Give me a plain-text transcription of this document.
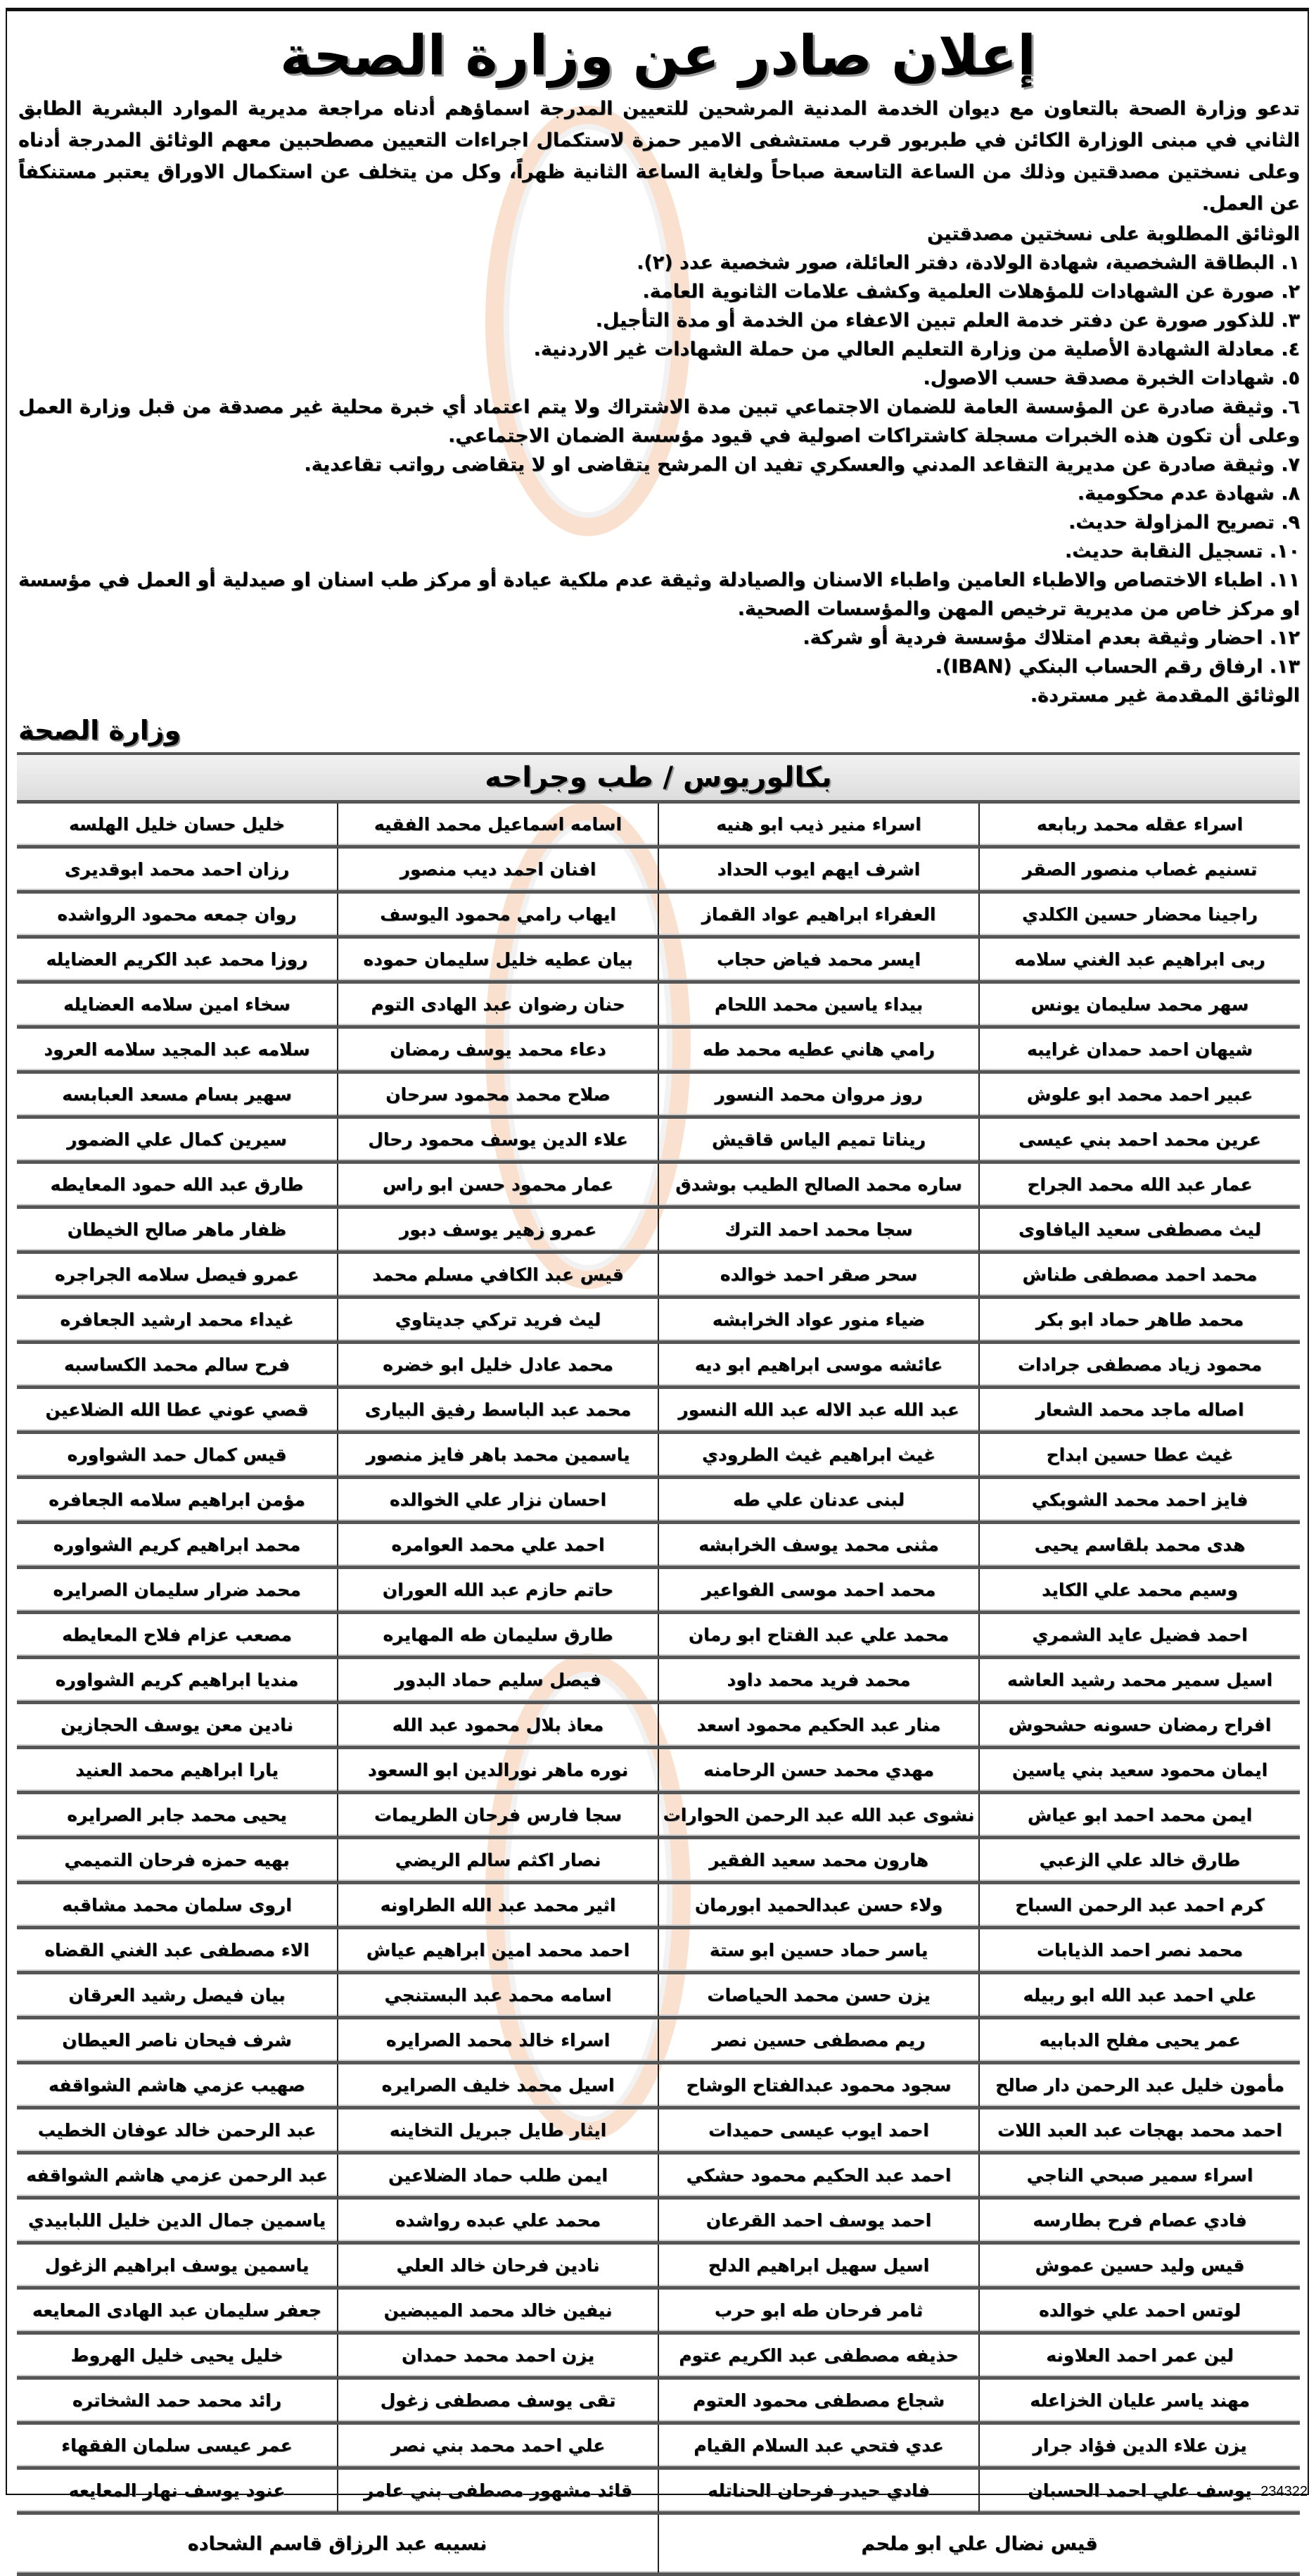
إعلان صادر عن وزارة الصحة

تدعو وزارة الصحة بالتعاون مع ديوان الخدمة المدنية المرشحين للتعيين المدرجة اسماؤهم أدناه مراجعة مديرية الموارد البشرية الطابق الثاني في مبنى الوزارة الكائن في طبربور قرب مستشفى الامير حمزة لاستكمال اجراءات التعيين مصطحبين معهم الوثائق المدرجة أدناه وعلى نسختين مصدقتين وذلك من الساعة التاسعة صباحاً ولغاية الساعة الثانية ظهراً، وكل من يتخلف عن استكمال الاوراق يعتبر مستنكفاً عن العمل.

الوثائق المطلوبة على نسختين مصدقتين
١. البطاقة الشخصية، شهادة الولادة، دفتر العائلة، صور شخصية عدد (٢).
٢. صورة عن الشهادات للمؤهلات العلمية وكشف علامات الثانوية العامة.
٣. للذكور صورة عن دفتر خدمة العلم تبين الاعفاء من الخدمة أو مدة التأجيل.
٤. معادلة الشهادة الأصلية من وزارة التعليم العالي من حملة الشهادات غير الاردنية.
٥. شهادات الخبرة مصدقة حسب الاصول.
٦. وثيقة صادرة عن المؤسسة العامة للضمان الاجتماعي تبين مدة الاشتراك ولا يتم اعتماد أي خبرة محلية غير مصدقة من قبل وزارة العمل وعلى أن تكون هذه الخبرات مسجلة كاشتراكات اصولية في قيود مؤسسة الضمان الاجتماعي.
٧. وثيقة صادرة عن مديرية التقاعد المدني والعسكري تفيد ان المرشح يتقاضى او لا يتقاضى رواتب تقاعدية.
٨. شهادة عدم محكومية.
٩. تصريح المزاولة حديث.
١٠. تسجيل النقابة حديث.
١١. اطباء الاختصاص والاطباء العامين واطباء الاسنان والصيادلة وثيقة عدم ملكية عيادة أو مركز طب اسنان او صيدلية أو العمل في مؤسسة او مركز خاص من مديرية ترخيص المهن والمؤسسات الصحية.
١٢. احضار وثيقة بعدم امتلاك مؤسسة فردية أو شركة.
١٣. ارفاق رقم الحساب البنكي (IBAN).
الوثائق المقدمة غير مستردة.
وزارة الصحة
بكالوريوس / طب وجراحه			
اسراء عقله محمد ربابعه	اسراء منير ذيب ابو هنيه	اسامه اسماعيل محمد الفقيه	خليل حسان خليل الهلسه
تسنيم غصاب منصور الصقر	اشرف ايهم ايوب الحداد	افنان احمد ديب منصور	رزان احمد محمد ابوقديرى
راجينا محضار حسين الكلدي	العفراء ابراهيم عواد القماز	ايهاب رامي محمود اليوسف	روان جمعه محمود الرواشده
ربى ابراهيم عبد الغني سلامه	ايسر محمد فياض حجاب	بيان عطيه خليل سليمان حموده	روزا محمد عبد الكريم العضايله
سهر محمد سليمان يونس	بيداء ياسين محمد اللحام	حنان رضوان عبد الهادى التوم	سخاء امين سلامه العضايله
شيهان احمد حمدان غرايبه	رامي هاني عطيه محمد طه	دعاء محمد يوسف رمضان	سلامه عبد المجيد سلامه العرود
عبير احمد محمد ابو علوش	روز مروان محمد النسور	صلاح محمد محمود سرحان	سهير بسام مسعد العبابسه
عرين محمد احمد بني عيسى	ريناتا تميم الياس قاقيش	علاء الدين يوسف محمود رحال	سيرين كمال علي الضمور
عمار عبد الله محمد الجراح	ساره محمد الصالح الطيب بوشدق	عمار محمود حسن ابو راس	طارق عبد الله حمود المعايطه
ليث مصطفى سعيد اليافاوى	سجا محمد احمد الترك	عمرو زهير يوسف دبور	ظفار ماهر صالح الخيطان
محمد احمد مصطفى طناش	سحر صقر احمد خوالده	قيس عبد الكافي مسلم محمد	عمرو فيصل سلامه الجراجره
محمد طاهر حماد ابو بكر	ضياء منور عواد الخرابشه	ليث فريد تركي جديتاوي	غيداء محمد ارشيد الجعافره
محمود زياد مصطفى جرادات	عائشه موسى ابراهيم ابو ديه	محمد عادل خليل ابو خضره	فرح سالم محمد الكساسبه
اصاله ماجد محمد الشعار	عبد الله عبد الاله عبد الله النسور	محمد عبد الباسط رفيق البيارى	قصي عوني عطا الله الضلاعين
غيث عطا حسين ابداح	غيث ابراهيم غيث الطرودي	ياسمين محمد باهر فايز منصور	قيس كمال حمد الشواوره
فايز احمد محمد الشوبكي	لبنى عدنان علي طه	احسان نزار علي الخوالده	مؤمن ابراهيم سلامه الجعافره
هدى محمد بلقاسم يحيى	مثنى محمد يوسف الخرابشه	احمد علي محمد العوامره	محمد ابراهيم كريم الشواوره
وسيم محمد علي الكايد	محمد احمد موسى الفواعير	حاتم حازم عبد الله العوران	محمد ضرار سليمان الصرايره
احمد فضيل عايد الشمري	محمد علي عبد الفتاح ابو رمان	طارق سليمان طه المهايره	مصعب عزام فلاح المعايطه
اسيل سمير محمد رشيد العاشه	محمد فريد محمد داود	فيصل سليم حماد البدور	منديا ابراهيم كريم الشواوره
افراح رمضان حسونه حشحوش	منار عبد الحكيم محمود اسعد	معاذ بلال محمود عبد الله	نادين معن يوسف الحجازين
ايمان محمود سعيد بني ياسين	مهدي محمد حسن الرحامنه	نوره ماهر نورالدين ابو السعود	يارا ابراهيم محمد العنيد
ايمن محمد احمد ابو عياش	نشوى عبد الله عبد الرحمن الحوارات	سجا فارس فرحان الطريمات	يحيى محمد جابر الصرايره
طارق خالد علي الزعبي	هارون محمد سعيد الفقير	نصار اكثم سالم الريضي	بهيه حمزه فرحان التميمي
كرم احمد عبد الرحمن السباح	ولاء حسن عبدالحميد ابورمان	اثير محمد عبد الله الطراونه	اروى سلمان محمد مشاقبه
محمد نصر احمد الذيابات	ياسر حماد حسين ابو ستة	احمد محمد امين ابراهيم عياش	الاء مصطفى عبد الغني القضاه
علي احمد عبد الله ابو ربيله	يزن حسن محمد الحياصات	اسامه محمد عبد البستنجي	بيان فيصل رشيد العرقان
عمر يحيى مفلح الدبابيه	ريم مصطفى حسين نصر	اسراء خالد محمد الصرايره	شرف فيحان ناصر العيطان
مأمون خليل عبد الرحمن دار صالح	سجود محمود عبدالفتاح الوشاح	اسيل محمد خليف الصرايره	صهيب عزمي هاشم الشواقفه
احمد محمد بهجات عبد العبد اللات	احمد ايوب عيسى حميدات	ايثار طايل جبريل التخاينه	عبد الرحمن خالد عوفان الخطيب
اسراء سمير صبحي الناجي	احمد عبد الحكيم محمود حشكي	ايمن طلب حماد الضلاعين	عبد الرحمن عزمي هاشم الشواقفه
فادي عصام فرح بطارسه	احمد يوسف احمد القرعان	محمد علي عبده رواشده	ياسمين جمال الدين خليل اللبابيدي
قيس وليد حسين عموش	اسيل سهيل ابراهيم الدلح	نادين فرحان خالد العلي	ياسمين يوسف ابراهيم الزغول
لوتس احمد علي خوالده	ثامر فرحان طه ابو حرب	نيفين خالد محمد الميبضين	جعفر سليمان عبد الهادى المعايعه
لين عمر احمد العلاونه	حذيفه مصطفى عبد الكريم عتوم	يزن احمد محمد حمدان	خليل يحيى خليل الهروط
مهند ياسر عليان الخزاعله	شجاع مصطفى محمود العتوم	تقى يوسف مصطفى زغول	رائد محمد حمد الشخاتره
يزن علاء الدين فؤاد جرار	عدي فتحي عبد السلام القيام	علي احمد محمد بني نصر	عمر عيسى سلمان الفقهاء
يوسف علي احمد الحسبان	فادي حيدر فرحان الحناتله	قائد مشهور مصطفى بني عامر	عنود يوسف نهار المعايعه
قيس نضال علي ابو ملحم		نسيبه عبد الرزاق قاسم الشحاده	
234322
